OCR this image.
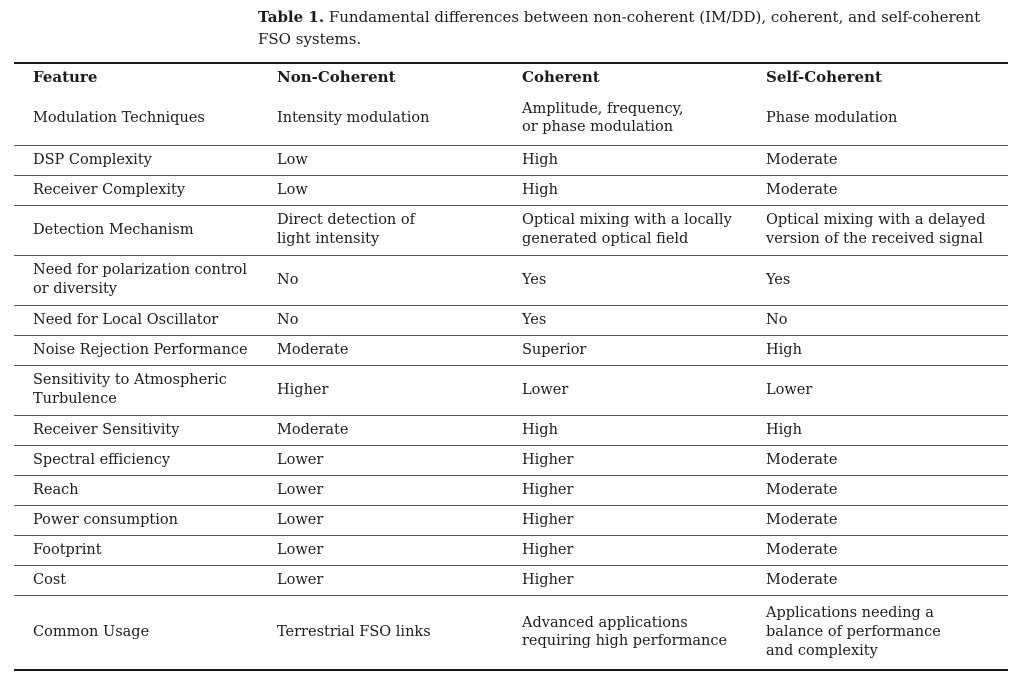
Table 1. Fundamental differences between non-coherent (IM/DD), coherent, and self-coherent
FSO systems.
Feature	Non-Coherent	Coherent	Self-Coherent
Modulation Techniques	Intensity modulation	Amplitude, frequency, or phase modulation	Phase modulation
DSP Complexity	Low	High	Moderate
Receiver Complexity	Low	High	Moderate
Detection Mechanism	Direct detection of light intensity	Optical mixing with a locally generated optical field	Optical mixing with a delayed version of the received signal
Need for polarization control or diversity	No	Yes	Yes
Need for Local Oscillator	No	Yes	No
Noise Rejection Performance	Moderate	Superior	High
Sensitivity to Atmospheric Turbulence	Higher	Lower	Lower
Receiver Sensitivity	Moderate	High	High
Spectral efficiency	Lower	Higher	Moderate
Reach	Lower	Higher	Moderate
Power consumption	Lower	Higher	Moderate
Footprint	Lower	Higher	Moderate
Cost	Lower	Higher	Moderate
Common Usage	Terrestrial FSO links	Advanced applications requiring high performance	Applications needing a balance of performance and complexity
